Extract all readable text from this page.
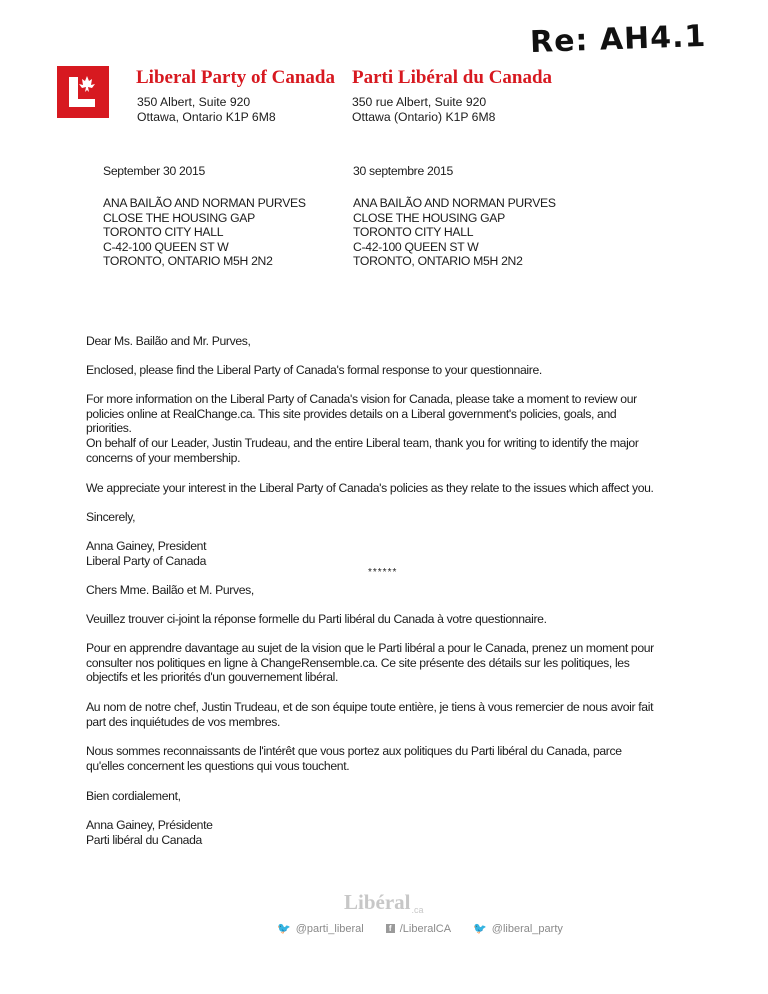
Re: AH4.1
Liberal Party of Canada
350 Albert, Suite 920
Ottawa, Ontario K1P 6M8
Parti Libéral du Canada
350 rue Albert, Suite 920
Ottawa (Ontario) K1P 6M8
September 30 2015	30 septembre 2015
ANA BAILÃO AND NORMAN PURVES
CLOSE THE HOUSING GAP
TORONTO CITY HALL
C-42-100 QUEEN ST W
TORONTO, ONTARIO M5H 2N2
ANA BAILÃO AND NORMAN PURVES
CLOSE THE HOUSING GAP
TORONTO CITY HALL
C-42-100 QUEEN ST W
TORONTO, ONTARIO M5H 2N2
Dear Ms. Bailão and Mr. Purves,
Enclosed, please find the Liberal Party of Canada's formal response to your questionnaire.
For more information on the Liberal Party of Canada's vision for Canada, please take a moment to review our policies online at RealChange.ca. This site provides details on a Liberal government's policies, goals, and priorities.
On behalf of our Leader, Justin Trudeau, and the entire Liberal team, thank you for writing to identify the major concerns of your membership.
We appreciate your interest in the Liberal Party of Canada's policies as they relate to the issues which affect you.
Sincerely,
Anna Gainey, President
Liberal Party of Canada
******
Chers Mme. Bailão et M. Purves,
Veuillez trouver ci-joint la réponse formelle du Parti libéral du Canada à votre questionnaire.
Pour en apprendre davantage au sujet de la vision que le Parti libéral a pour le Canada, prenez un moment pour consulter nos politiques en ligne à ChangeRensemble.ca. Ce site présente des détails sur les politiques, les objectifs et les priorités d'un gouvernement libéral.
Au nom de notre chef, Justin Trudeau, et de son équipe toute entière, je tiens à vous remercier de nous avoir fait part des inquiétudes de vos membres.
Nous sommes reconnaissants de l'intérêt que vous portez aux politiques du Parti libéral du Canada, parce qu'elles concernent les questions qui vous touchent.
Bien cordialement,
Anna Gainey, Présidente
Parti libéral du Canada
Libéral .ca
🐦 @parti_liberal	f /LiberalCA 🐦 @liberal_party
